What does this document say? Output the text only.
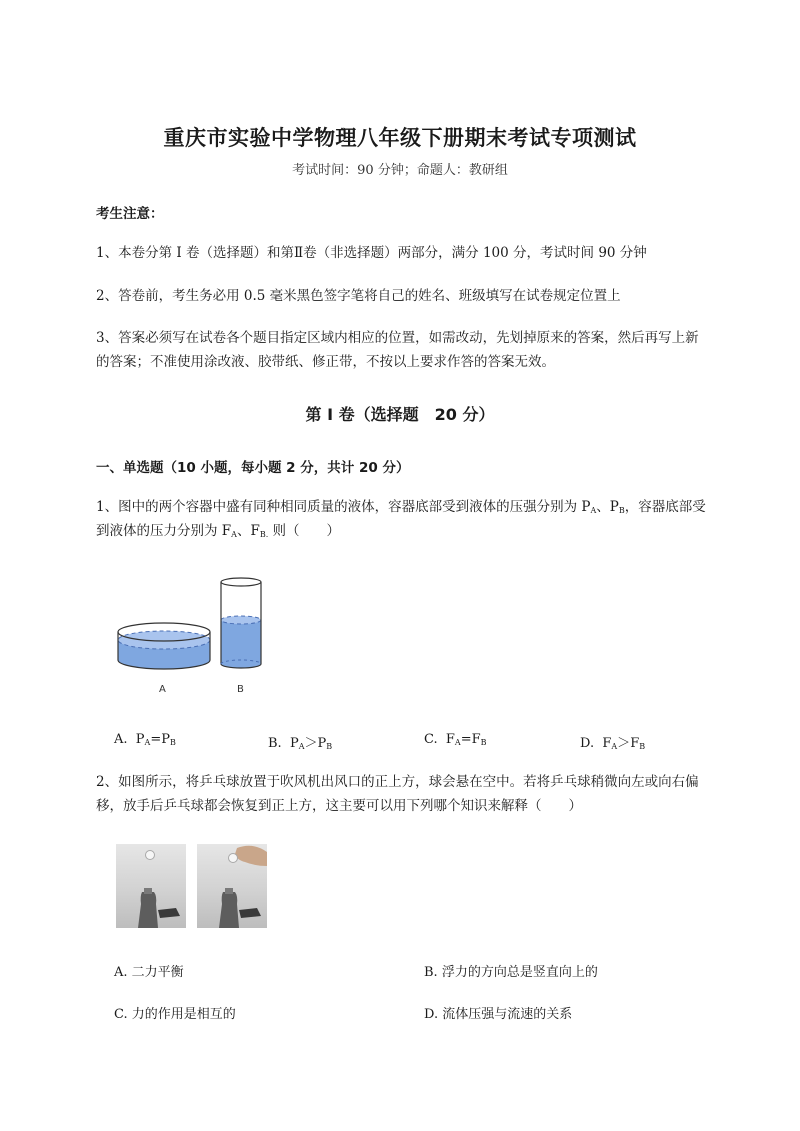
重庆市实验中学物理八年级下册期末考试专项测试
考试时间：90 分钟；命题人：教研组
考生注意：
1、本卷分第 I 卷（选择题）和第Ⅱ卷（非选择题）两部分，满分 100 分，考试时间 90 分钟
2、答卷前，考生务必用 0.5 毫米黑色签字笔将自己的姓名、班级填写在试卷规定位置上
3、答案必须写在试卷各个题目指定区域内相应的位置，如需改动，先划掉原来的答案，然后再写上新
的答案；不准使用涂改液、胶带纸、修正带，不按以上要求作答的答案无效。
第 I 卷（选择题　20 分）
一、单选题（10 小题，每小题 2 分，共计 20 分）
1、图中的两个容器中盛有同种相同质量的液体，容器底部受到液体的压强分别为 $P_A$、$P_B$，容器底部受
到液体的压力分别为 $F_A$、$F_{B.}$ 则（　　）
A	B
A. $P_A=P_B$	B. $P_A>P_B$	C. $F_A=F_B$	D. $F_A>F_B$
2、如图所示，将乒乓球放置于吹风机出风口的正上方，球会悬在空中。若将乒乓球稍微向左或向右偏
移，放手后乒乓球都会恢复到正上方，这主要可以用下列哪个知识来解释（　　）
A. 二力平衡	B. 浮力的方向总是竖直向上的
C. 力的作用是相互的	D. 流体压强与流速的关系
